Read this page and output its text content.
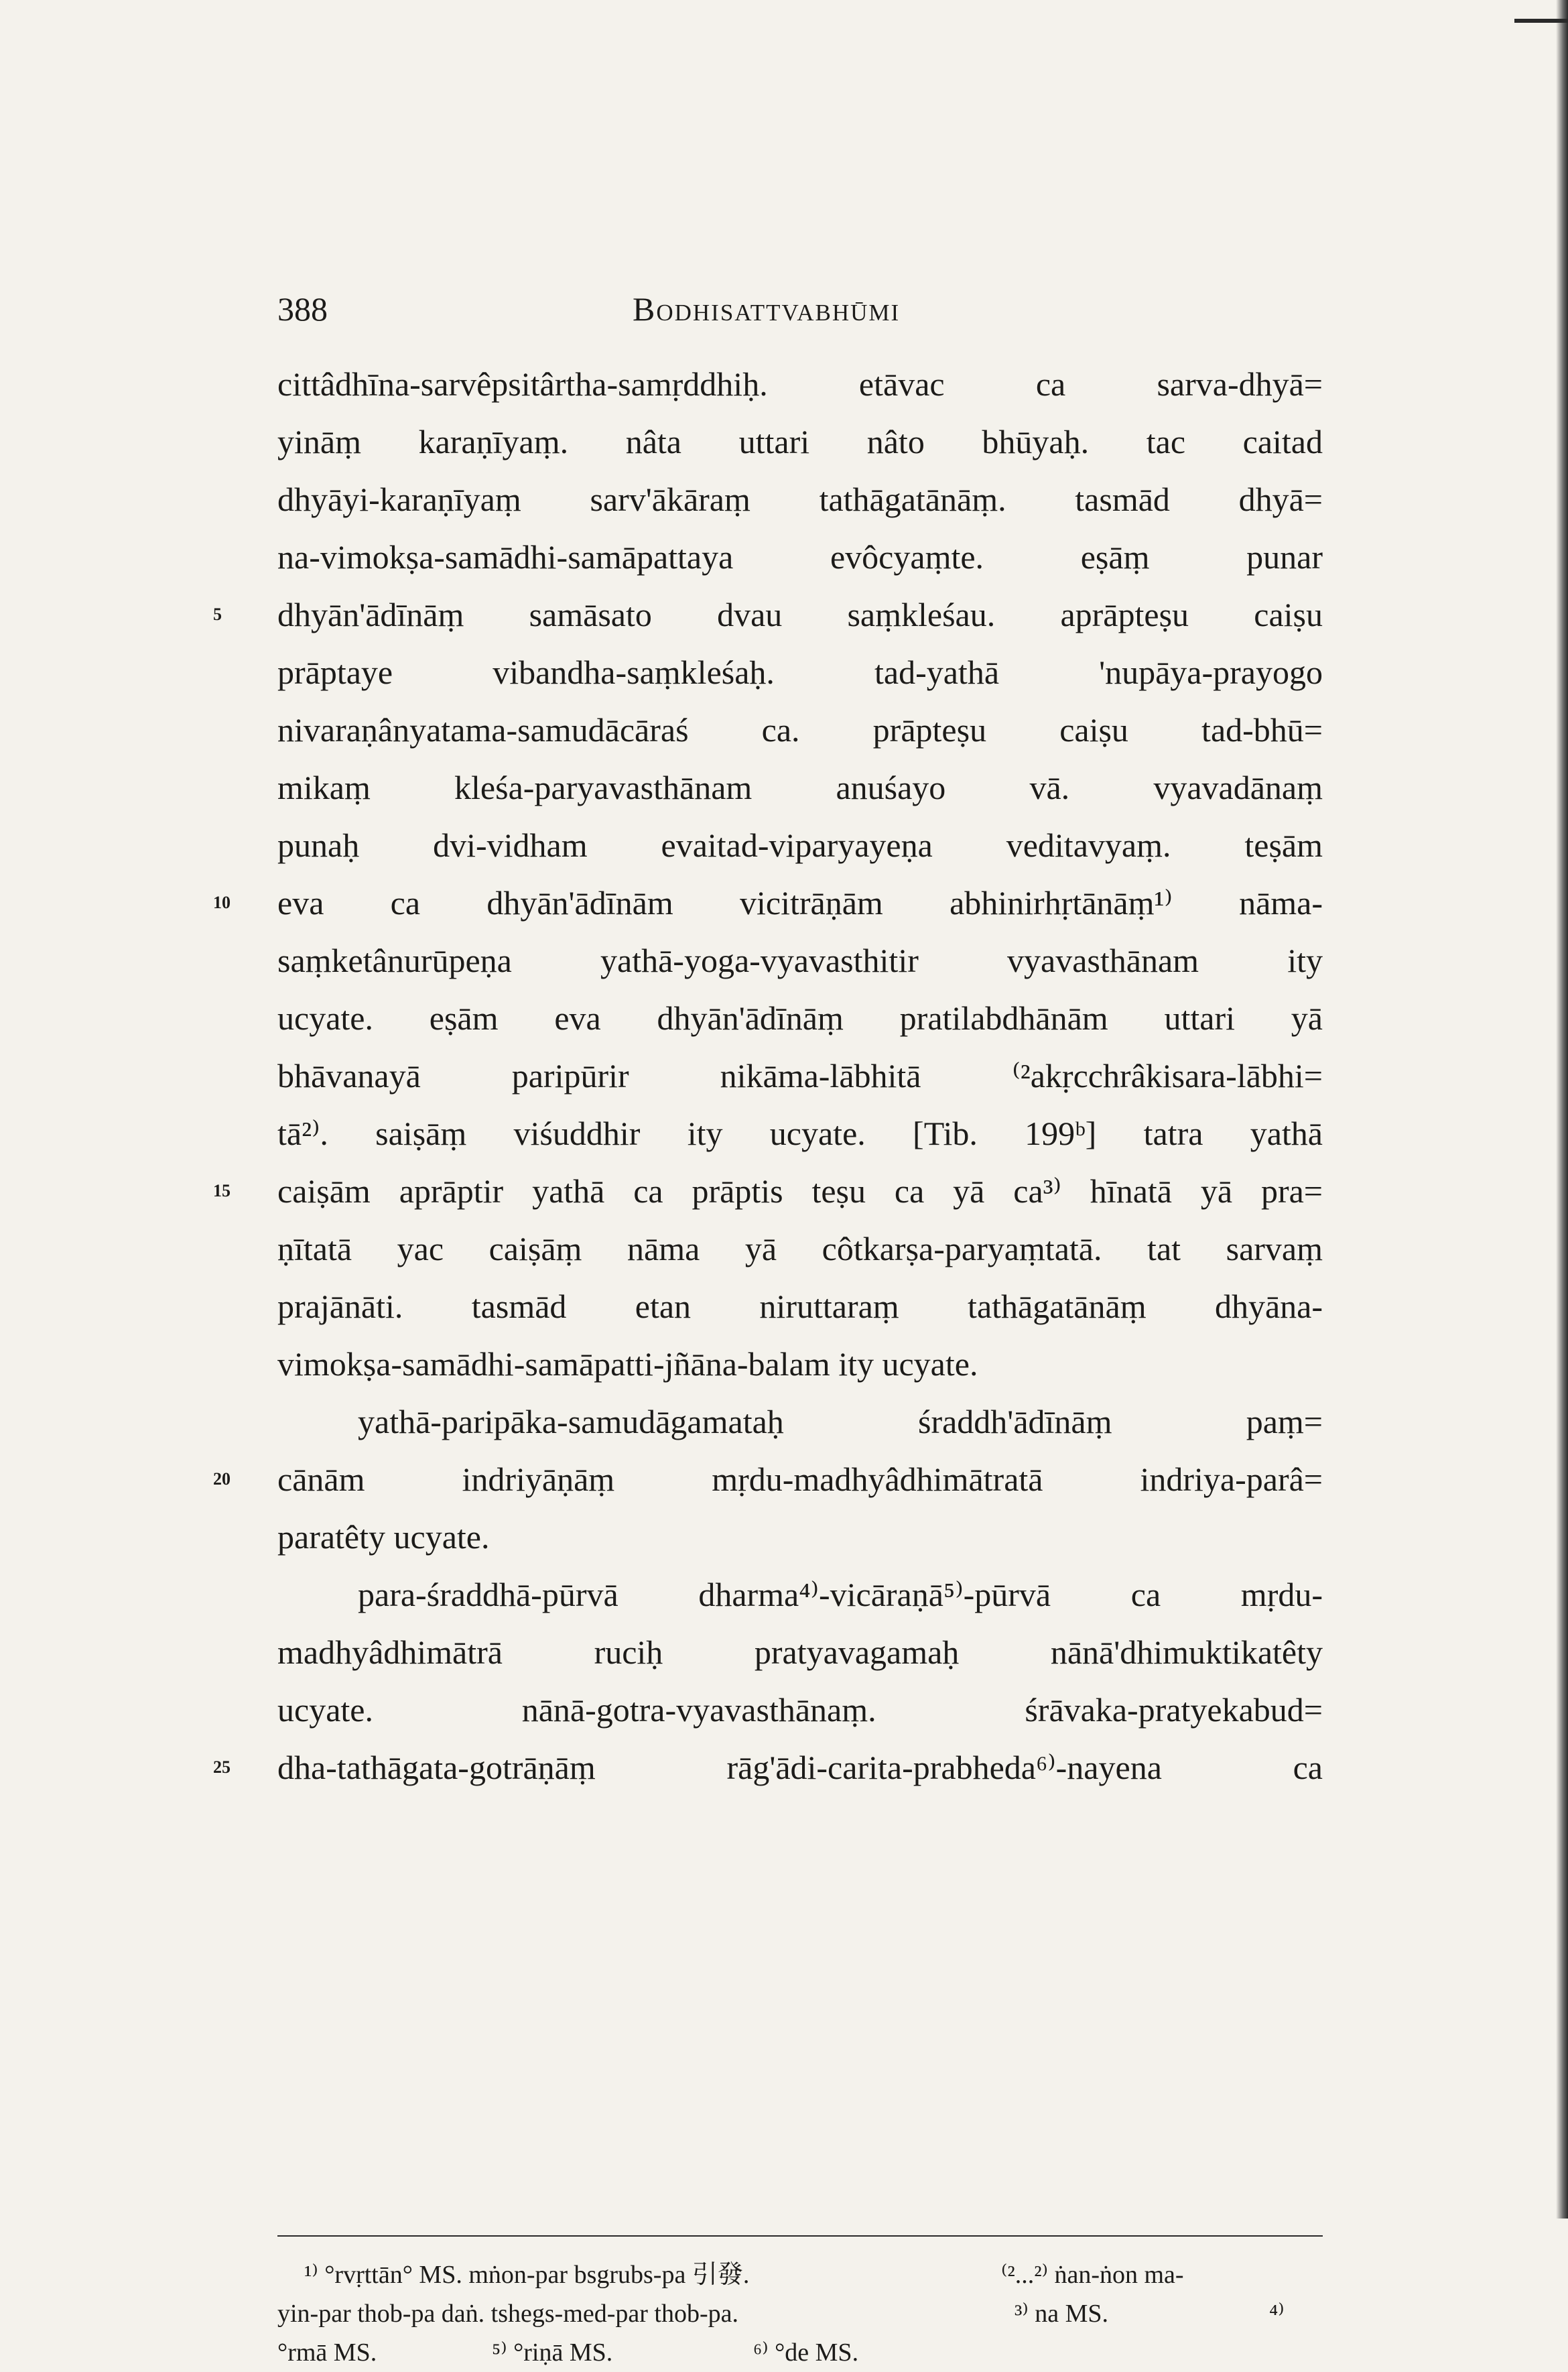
388	Bodhisattvabhūmi
cittâdhīna-sarvêpsitârtha-samṛddhiḥ. etāvac ca sarva-dhyā=
yināṃ karaṇīyaṃ. nâta uttari nâto bhūyaḥ. tac caitad
dhyāyi-karaṇīyaṃ sarv'ākāraṃ tathāgatānāṃ. tasmād dhyā=
na-vimokṣa-samādhi-samāpattaya evôcyaṃte. eṣāṃ punar
5	dhyān'ādīnāṃ samāsato dvau saṃkleśau. aprāpteṣu caiṣu
prāptaye vibandha-saṃkleśaḥ. tad-yathā 'nupāya-prayogo
nivaraṇânyatama-samudācāraś ca. prāpteṣu caiṣu tad-bhū=
mikaṃ kleśa-paryavasthānam anuśayo vā. vyavadānaṃ
punaḥ dvi-vidham evaitad-viparyayeṇa veditavyaṃ. teṣām
10 eva ca dhyān'ādīnām vicitrāṇām abhinirhṛtānāṃ¹⁾ nāma-
saṃketânurūpeṇa yathā-yoga-vyavasthitir vyavasthānam ity
ucyate. eṣām eva dhyān'ādīnāṃ pratilabdhānām uttari yā
bhāvanayā paripūrir nikāma-lābhitā ⁽²akṛcchrâkisara-lābhi=
tā²⁾. saiṣāṃ viśuddhir ity ucyate. [Tib. 199ᵇ] tatra yathā
15 caiṣām aprāptir yathā ca prāptis teṣu ca yā ca³⁾ hīnatā yā pra=
ṇītatā yac caiṣāṃ nāma yā côtkarṣa-paryaṃtatā. tat sarvaṃ
prajānāti. tasmād etan niruttaraṃ tathāgatānāṃ dhyāna-
vimokṣa-samādhi-samāpatti-jñāna-balam ity ucyate.
yathā-paripāka-samudāgamataḥ śraddh'ādīnāṃ paṃ=
20 cānām indriyāṇāṃ mṛdu-madhyâdhimātratā indriya-parâ=
paratêty ucyate.
para-śraddhā-pūrvā dharma⁴⁾-vicāraṇā⁵⁾-pūrvā ca mṛdu-
madhyâdhimātrā ruciḥ pratyavagamaḥ nānā'dhimuktikatêty
ucyate. nānā-gotra-vyavasthānaṃ. śrāvaka-pratyekabud=
25 dha-tathāgata-gotrāṇāṃ rāg'ādi-carita-prabheda⁶⁾-nayena ca
¹⁾ °rvṛttān° MS. mṅon-par bsgrubs-pa 引發.	⁽²...²⁾ ṅan-ṅon ma-
yin-par thob-pa daṅ. tshegs-med-par thob-pa.	³⁾ na MS.	⁴⁾
°rmā MS.	⁵⁾ °riṇā MS.	⁶⁾ °de MS.
